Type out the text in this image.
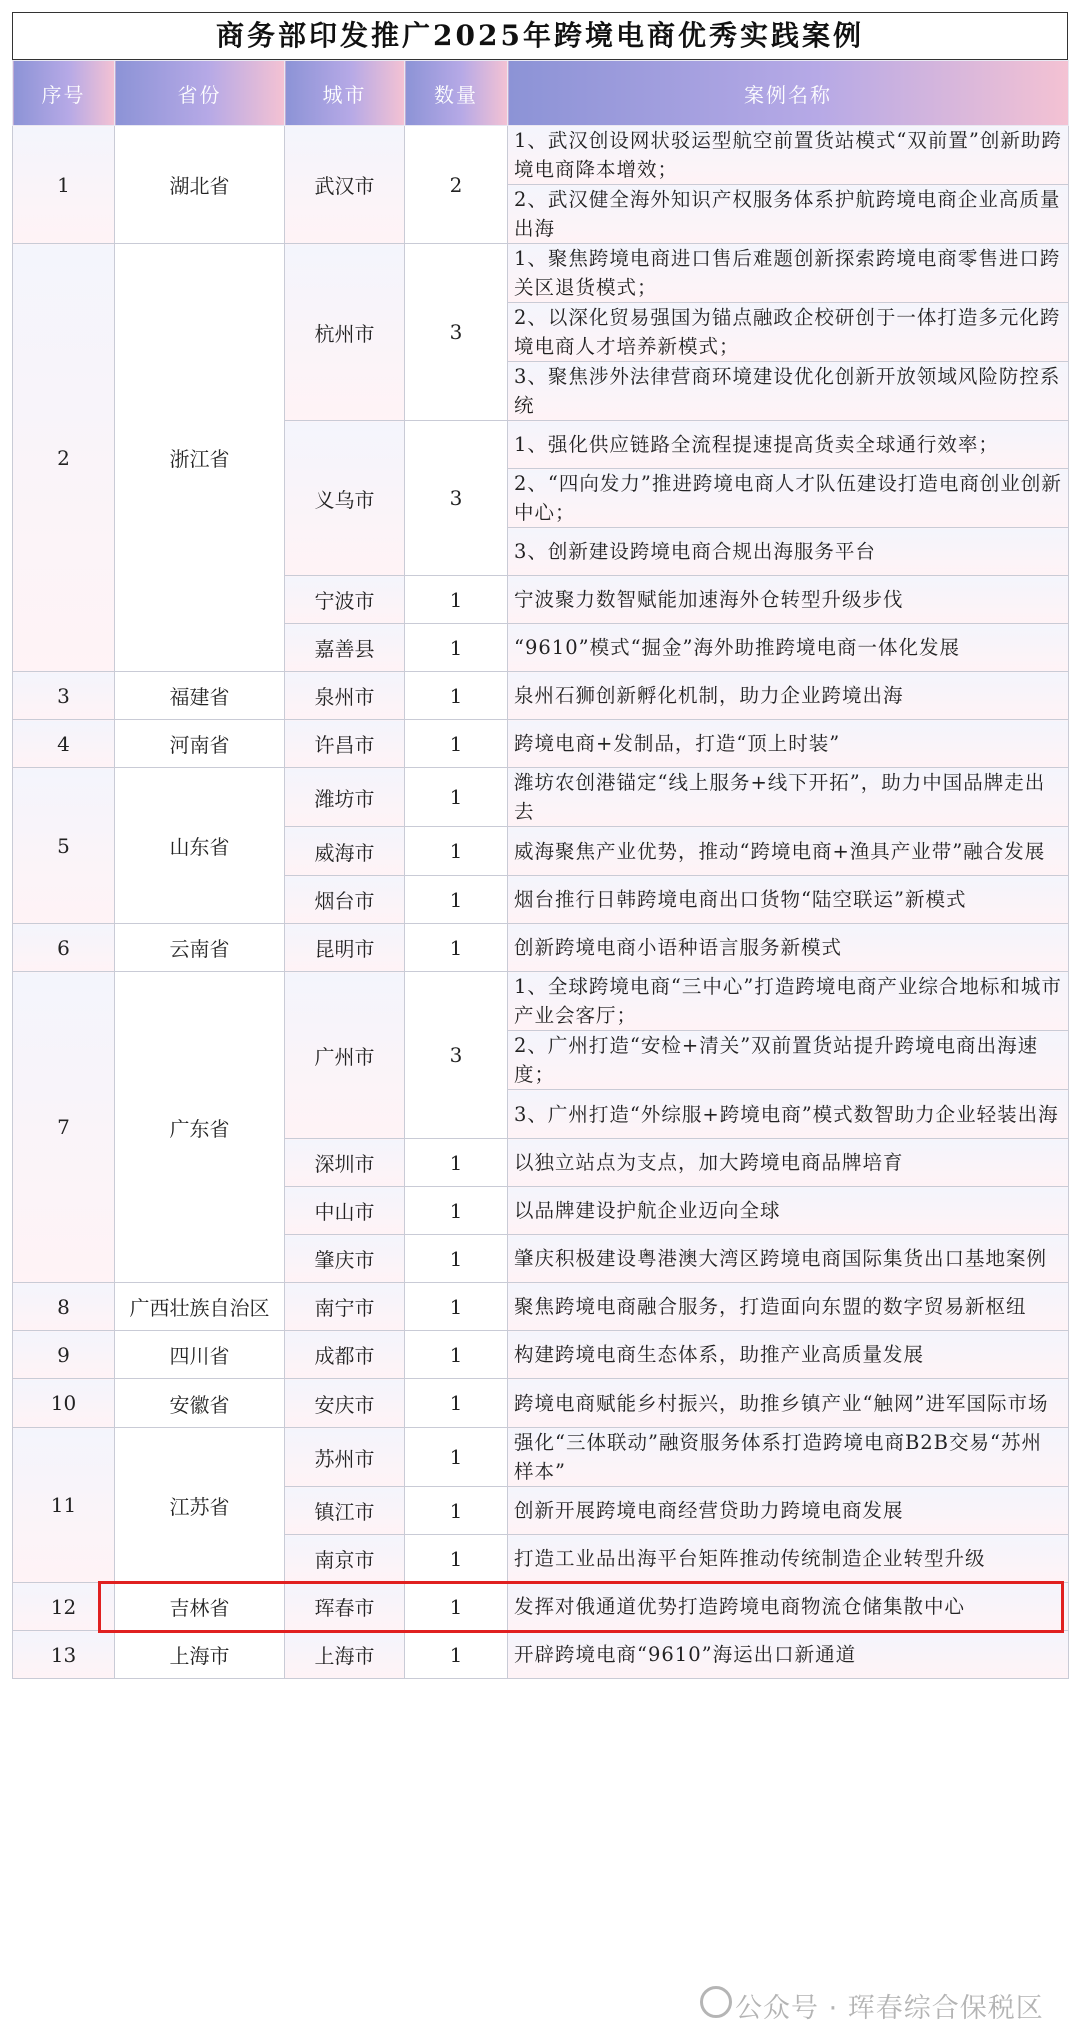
商务部印发推广2025年跨境电商优秀实践案例
序号	省份	城市	数量	案例名称
1	湖北省	武汉市	2	1、武汉创设网状驳运型航空前置货站模式“双前置”创新助跨境电商降本增效；
				2、武汉健全海外知识产权服务体系护航跨境电商企业高质量出海
2	浙江省	杭州市	3	1、聚焦跨境电商进口售后难题创新探索跨境电商零售进口跨关区退货模式；
				2、以深化贸易强国为锚点融政企校研创于一体打造多元化跨境电商人才培养新模式；
				3、聚焦涉外法律营商环境建设优化创新开放领域风险防控系统
		义乌市	3	1、强化供应链路全流程提速提高货卖全球通行效率；
				2、“四向发力”推进跨境电商人才队伍建设打造电商创业创新中心；
				3、创新建设跨境电商合规出海服务平台
		宁波市	1	宁波聚力数智赋能加速海外仓转型升级步伐
		嘉善县	1	“9610”模式“掘金”海外助推跨境电商一体化发展
3	福建省	泉州市	1	泉州石狮创新孵化机制，助力企业跨境出海
4	河南省	许昌市	1	跨境电商+发制品，打造“顶上时装”
5	山东省	潍坊市	1	潍坊农创港锚定“线上服务+线下开拓”，助力中国品牌走出去
		威海市	1	威海聚焦产业优势，推动“跨境电商+渔具产业带”融合发展
		烟台市	1	烟台推行日韩跨境电商出口货物“陆空联运”新模式
6	云南省	昆明市	1	创新跨境电商小语种语言服务新模式
7	广东省	广州市	3	1、全球跨境电商“三中心”打造跨境电商产业综合地标和城市产业会客厅；
				2、广州打造“安检+清关”双前置货站提升跨境电商出海速度；
				3、广州打造“外综服+跨境电商”模式数智助力企业轻装出海
		深圳市	1	以独立站点为支点，加大跨境电商品牌培育
		中山市	1	以品牌建设护航企业迈向全球
		肇庆市	1	肇庆积极建设粤港澳大湾区跨境电商国际集货出口基地案例
8	广西壮族自治区	南宁市	1	聚焦跨境电商融合服务，打造面向东盟的数字贸易新枢纽
9	四川省	成都市	1	构建跨境电商生态体系，助推产业高质量发展
10	安徽省	安庆市	1	跨境电商赋能乡村振兴，助推乡镇产业“触网”进军国际市场
11	江苏省	苏州市	1	强化“三体联动”融资服务体系打造跨境电商B2B交易“苏州样本”
		镇江市	1	创新开展跨境电商经营贷助力跨境电商发展
		南京市	1	打造工业品出海平台矩阵推动传统制造企业转型升级
12	吉林省	珲春市	1	发挥对俄通道优势打造跨境电商物流仓储集散中心
13	上海市	上海市	1	开辟跨境电商“9610”海运出口新通道
公众号 · 珲春综合保税区
